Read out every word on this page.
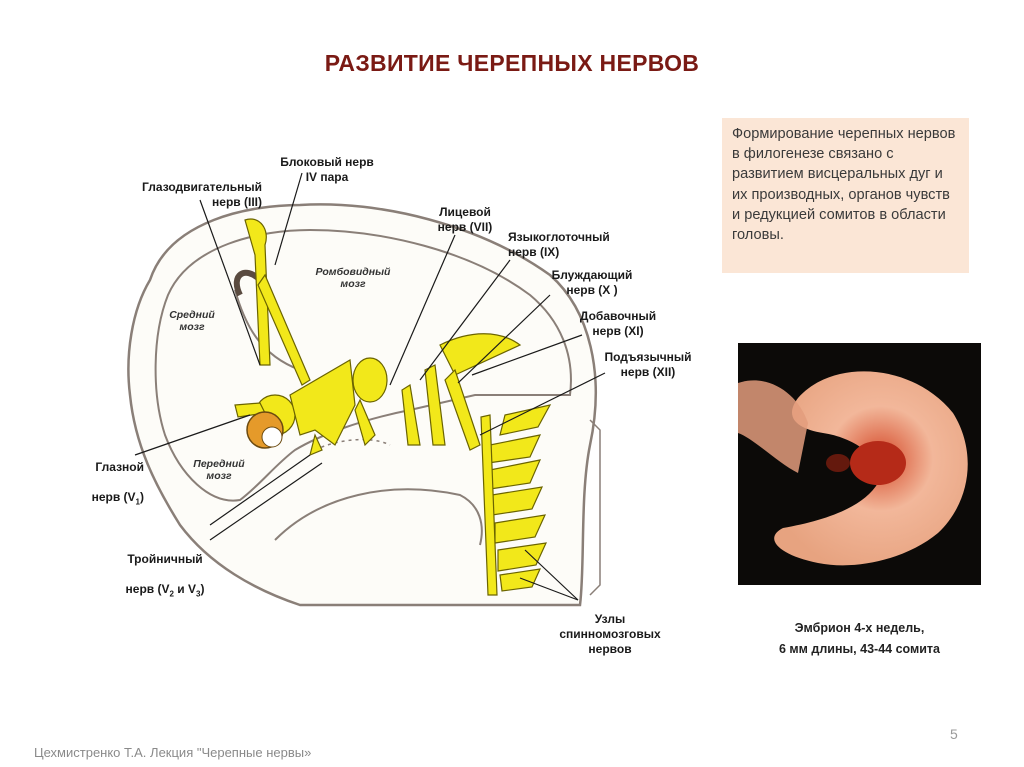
РАЗВИТИЕ ЧЕРЕПНЫХ НЕРВОВ
Формирование черепных нервов в филогенезе связано с развитием висцеральных дуг и их производных, органов чувств и редукцией сомитов в области головы.
Средний
мозг
Ромбовидный
мозг
Передний
мозг
Блоковый нерв
IV пара
Глазодвигательный
нерв (III)
Лицевой
нерв (VII)
Языкоглоточный
нерв (IX)
Блуждающий
нерв (X )
Добавочный
нерв (XI)
Подъязычный
нерв (XII)

Глазной

нерв $(V_1)$

Тройничный

нерв ($V_2$ и $V_3$)

Узлы
спинномозговых
нервов
Эмбрион 4-х недель,
6 мм длины, 43-44 сомита
Цехмистренко Т.А. Лекция "Черепные нервы»
5
